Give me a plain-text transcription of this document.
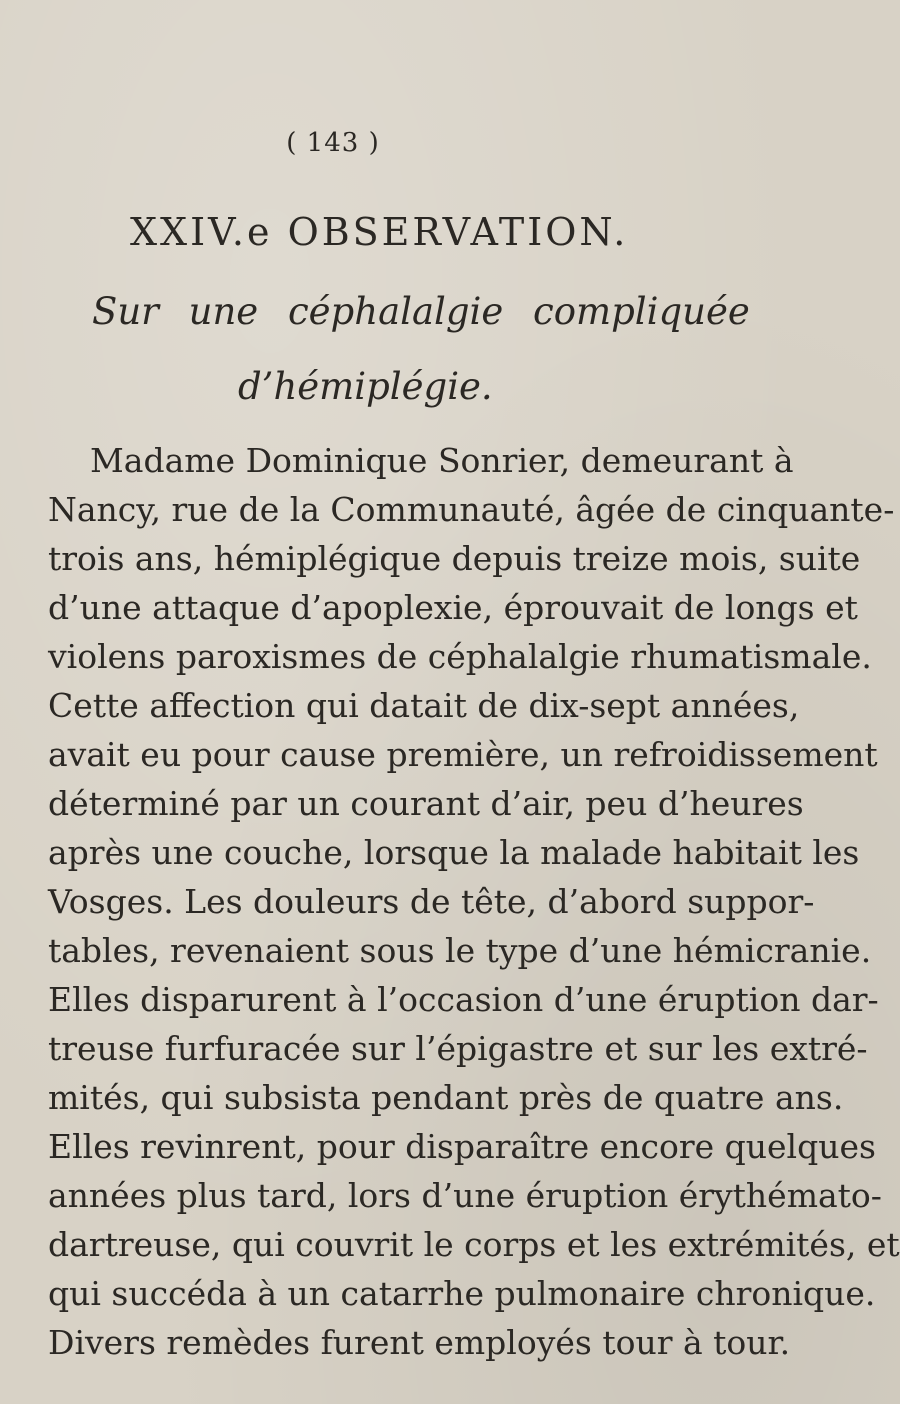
( 143 )
XXIV.e OBSERVATION.
Sur une céphalalgie compliquée
d’hémiplégie.
Madame Dominique Sonrier, demeurant à
Nancy, rue de la Communauté, âgée de cinquante-
trois ans, hémiplégique depuis treize mois, suite
d’une attaque d’apoplexie, éprouvait de longs et
violens paroxismes de céphalalgie rhumatismale.
Cette affection qui datait de dix-sept années,
avait eu pour cause première, un refroidissement
déterminé par un courant d’air, peu d’heures
après une couche, lorsque la malade habitait les
Vosges. Les douleurs de tête, d’abord suppor-
tables, revenaient sous le type d’une hémicranie.
Elles disparurent à l’occasion d’une éruption dar-
treuse furfuracée sur l’épigastre et sur les extré-
mités, qui subsista pendant près de quatre ans.
Elles revinrent, pour disparaître encore quelques
années plus tard, lors d’une éruption érythémato-
dartreuse, qui couvrit le corps et les extrémités, et
qui succéda à un catarrhe pulmonaire chronique.
Divers remèdes furent employés tour à tour.
